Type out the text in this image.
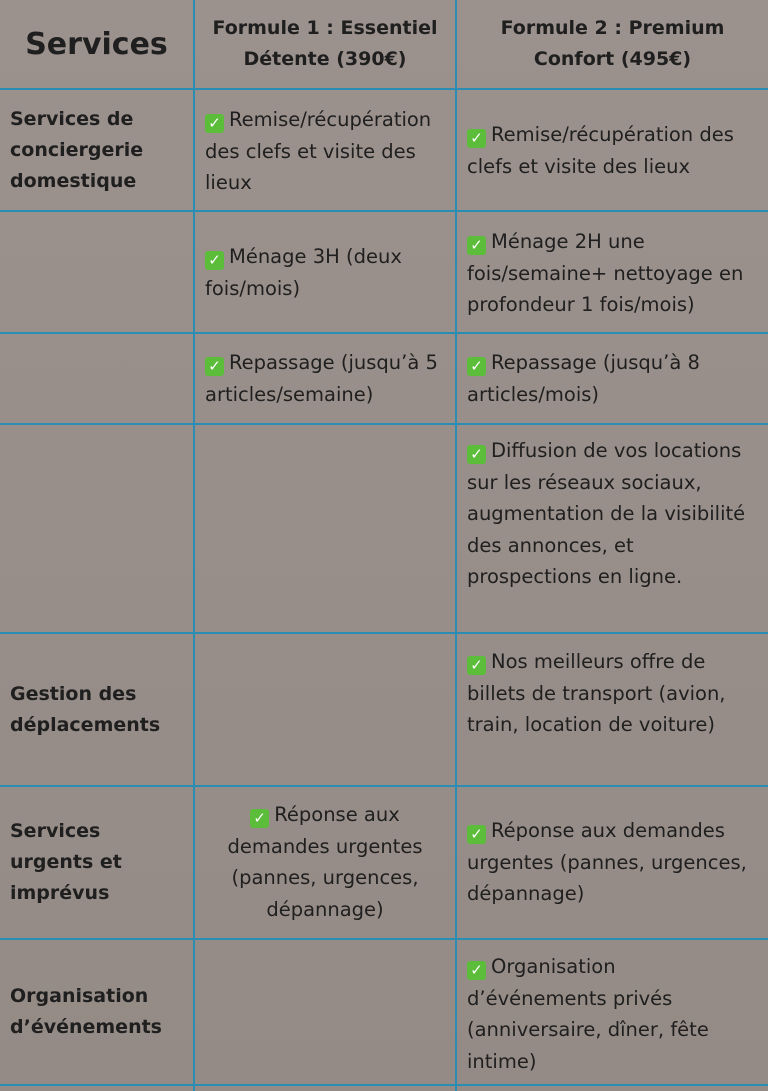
Services	Formule 1 : Essentiel Détente (390€)
Formule 2 : Premium Confort (495€)
Services de conciergerie domestique
✓ Remise/récupération des clefs et visite des lieux
✓ Remise/récupération des clefs et visite des lieux
✓ Ménage 3H (deux fois/mois)
✓ Ménage 2H une fois/semaine+ nettoyage en profondeur 1 fois/mois)
✓ Repassage (jusqu’à 5 articles/semaine)
✓ Repassage (jusqu’à 8 articles/mois)
✓ Diffusion de vos locations sur les réseaux sociaux, augmentation de la visibilité des annonces, et prospections en ligne.
Gestion des déplacements
✓ Nos meilleurs offre de billets de transport (avion, train, location de voiture)
Services urgents et imprévus
✓ Réponse aux demandes urgentes (pannes, urgences, dépannage)
✓ Réponse aux demandes urgentes (pannes, urgences, dépannage)
Organisation d’événements
✓ Organisation d’événements privés (anniversaire, dîner, fête intime)
